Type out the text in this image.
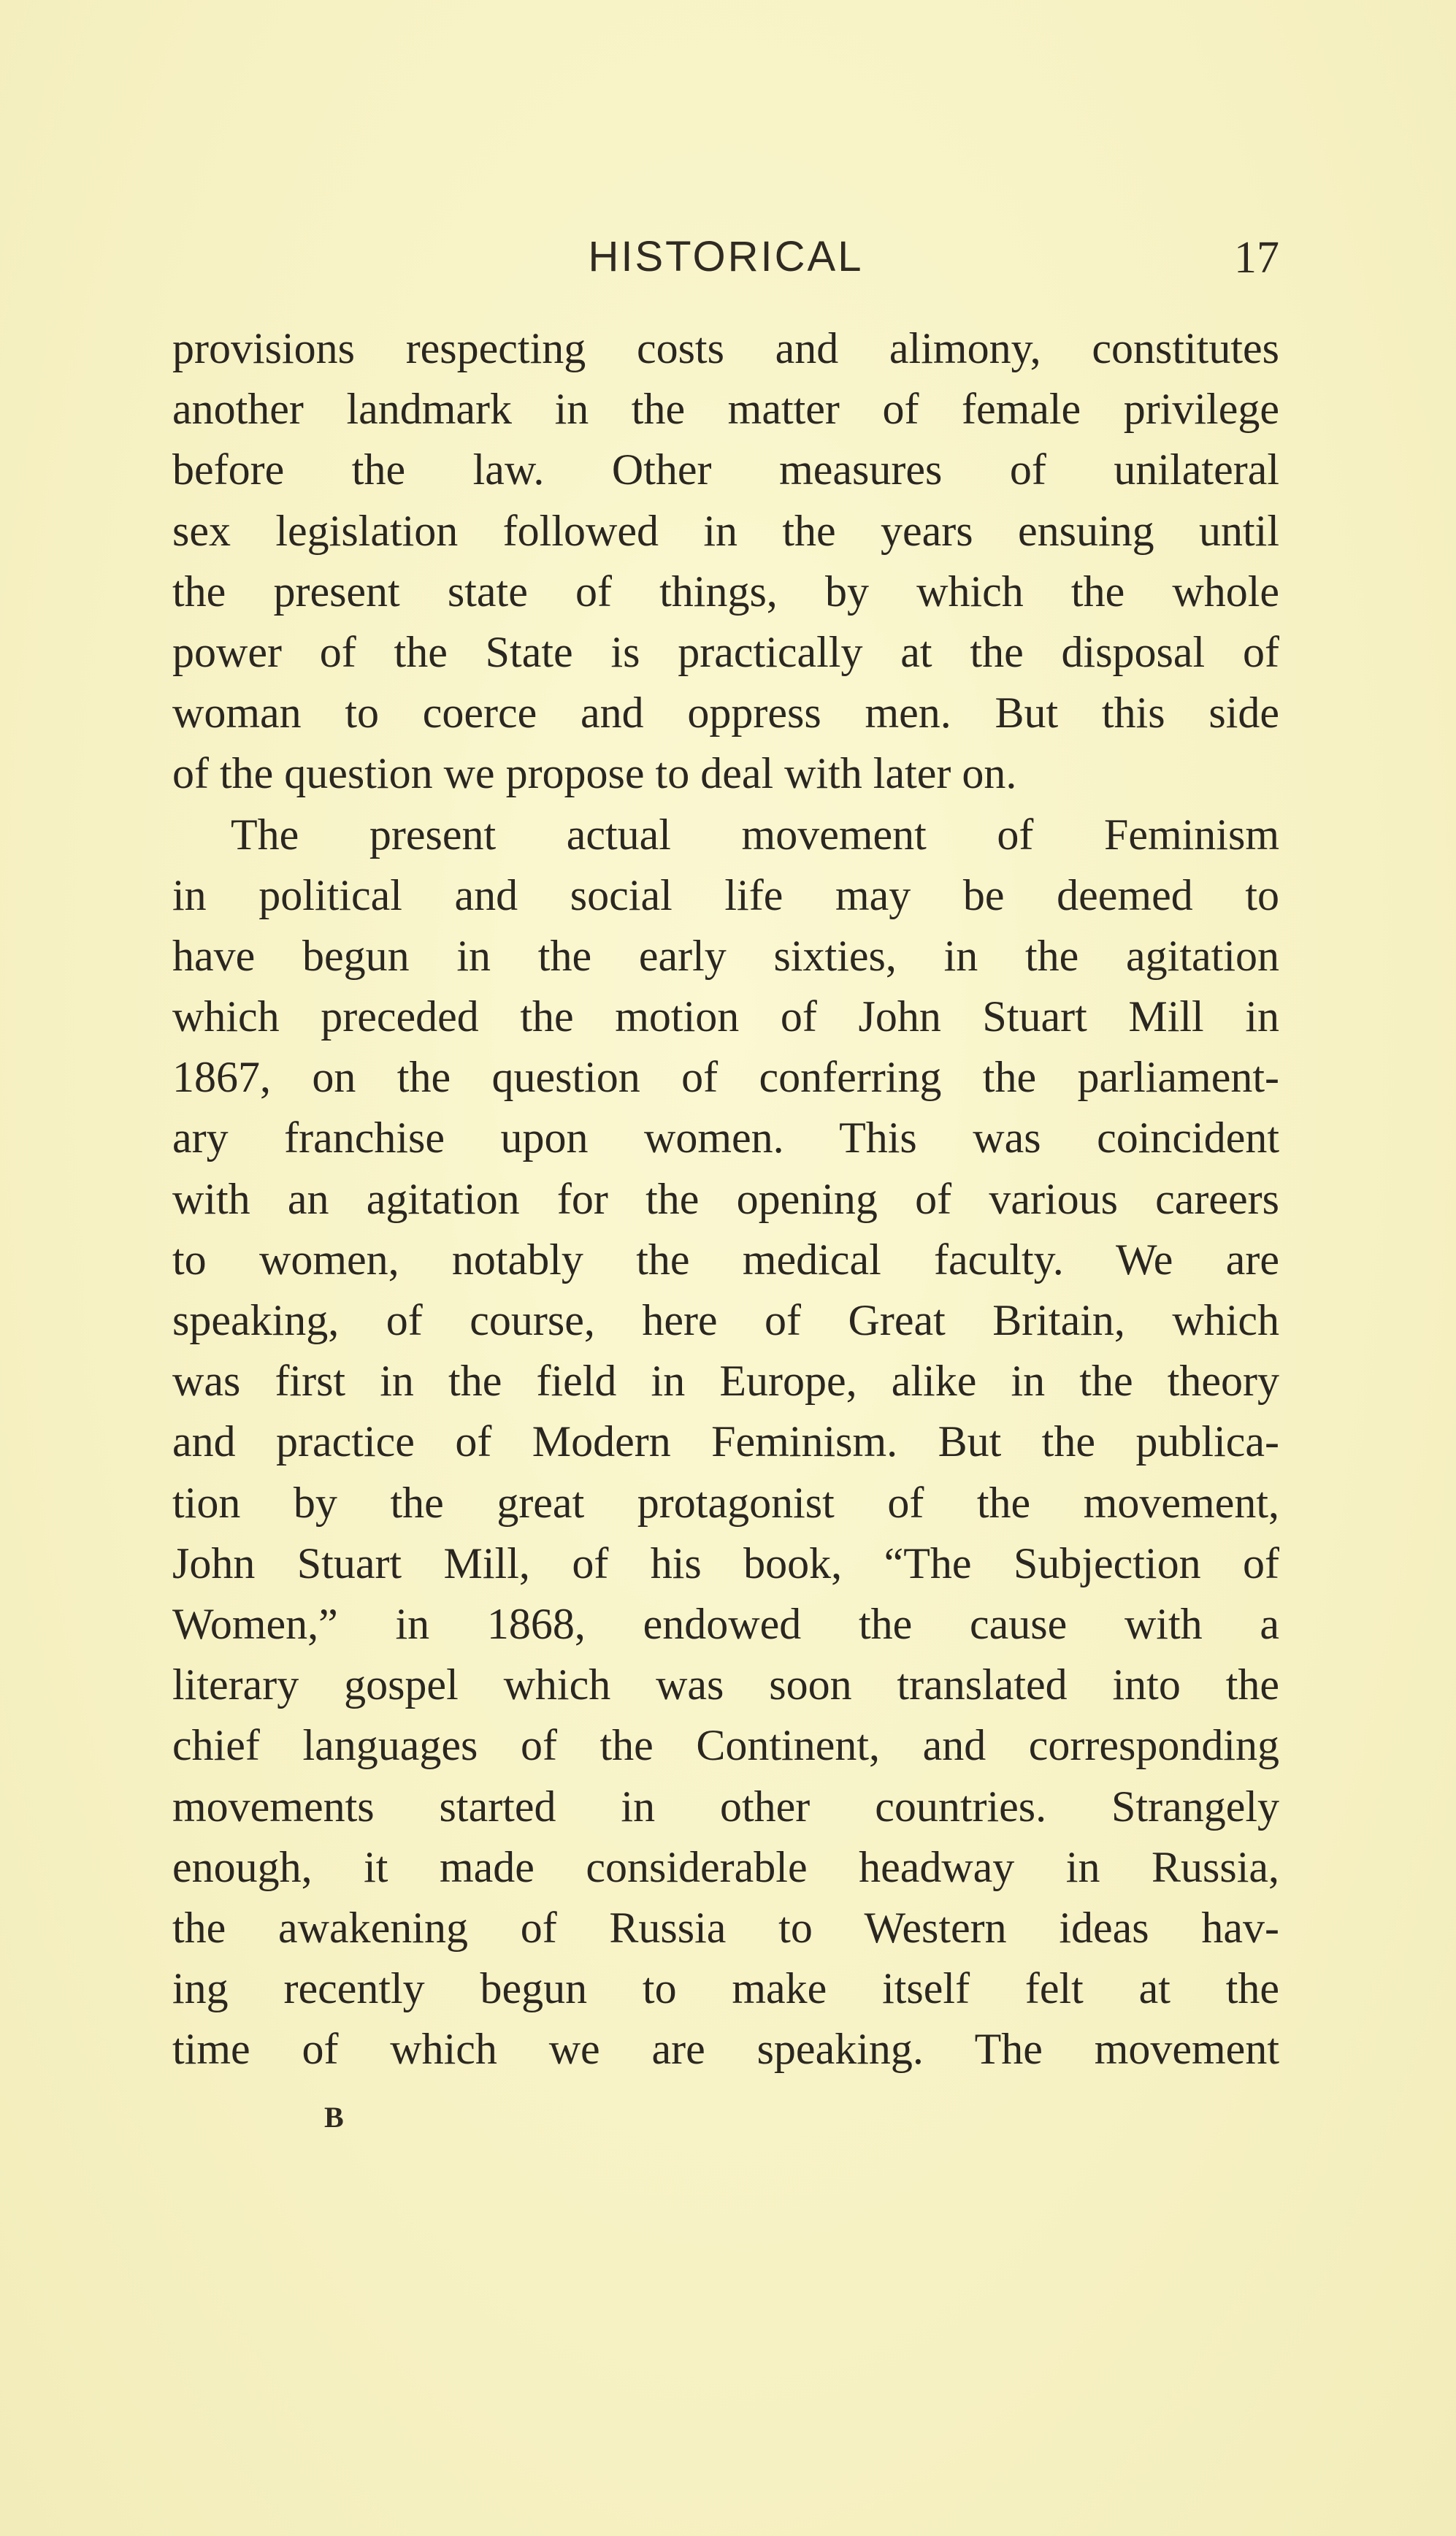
HISTORICAL	17
provisions respecting costs and alimony, constitutes
another landmark in the matter of female privilege
before the law. Other measures of unilateral
sex legislation followed in the years ensuing until
the present state of things, by which the whole
power of the State is practically at the disposal of
woman to coerce and oppress men. But this side
of the question we propose to deal with later on.
The present actual movement of Feminism
in political and social life may be deemed to
have begun in the early sixties, in the agitation
which preceded the motion of John Stuart Mill in
1867, on the question of conferring the parliament-
ary franchise upon women. This was coincident
with an agitation for the opening of various careers
to women, notably the medical faculty. We are
speaking, of course, here of Great Britain, which
was first in the field in Europe, alike in the theory
and practice of Modern Feminism. But the publica-
tion by the great protagonist of the movement,
John Stuart Mill, of his book, “The Subjection of
Women,” in 1868, endowed the cause with a
literary gospel which was soon translated into the
chief languages of the Continent, and corresponding
movements started in other countries. Strangely
enough, it made considerable headway in Russia,
the awakening of Russia to Western ideas hav-
ing recently begun to make itself felt at the
time of which we are speaking. The movement
B
